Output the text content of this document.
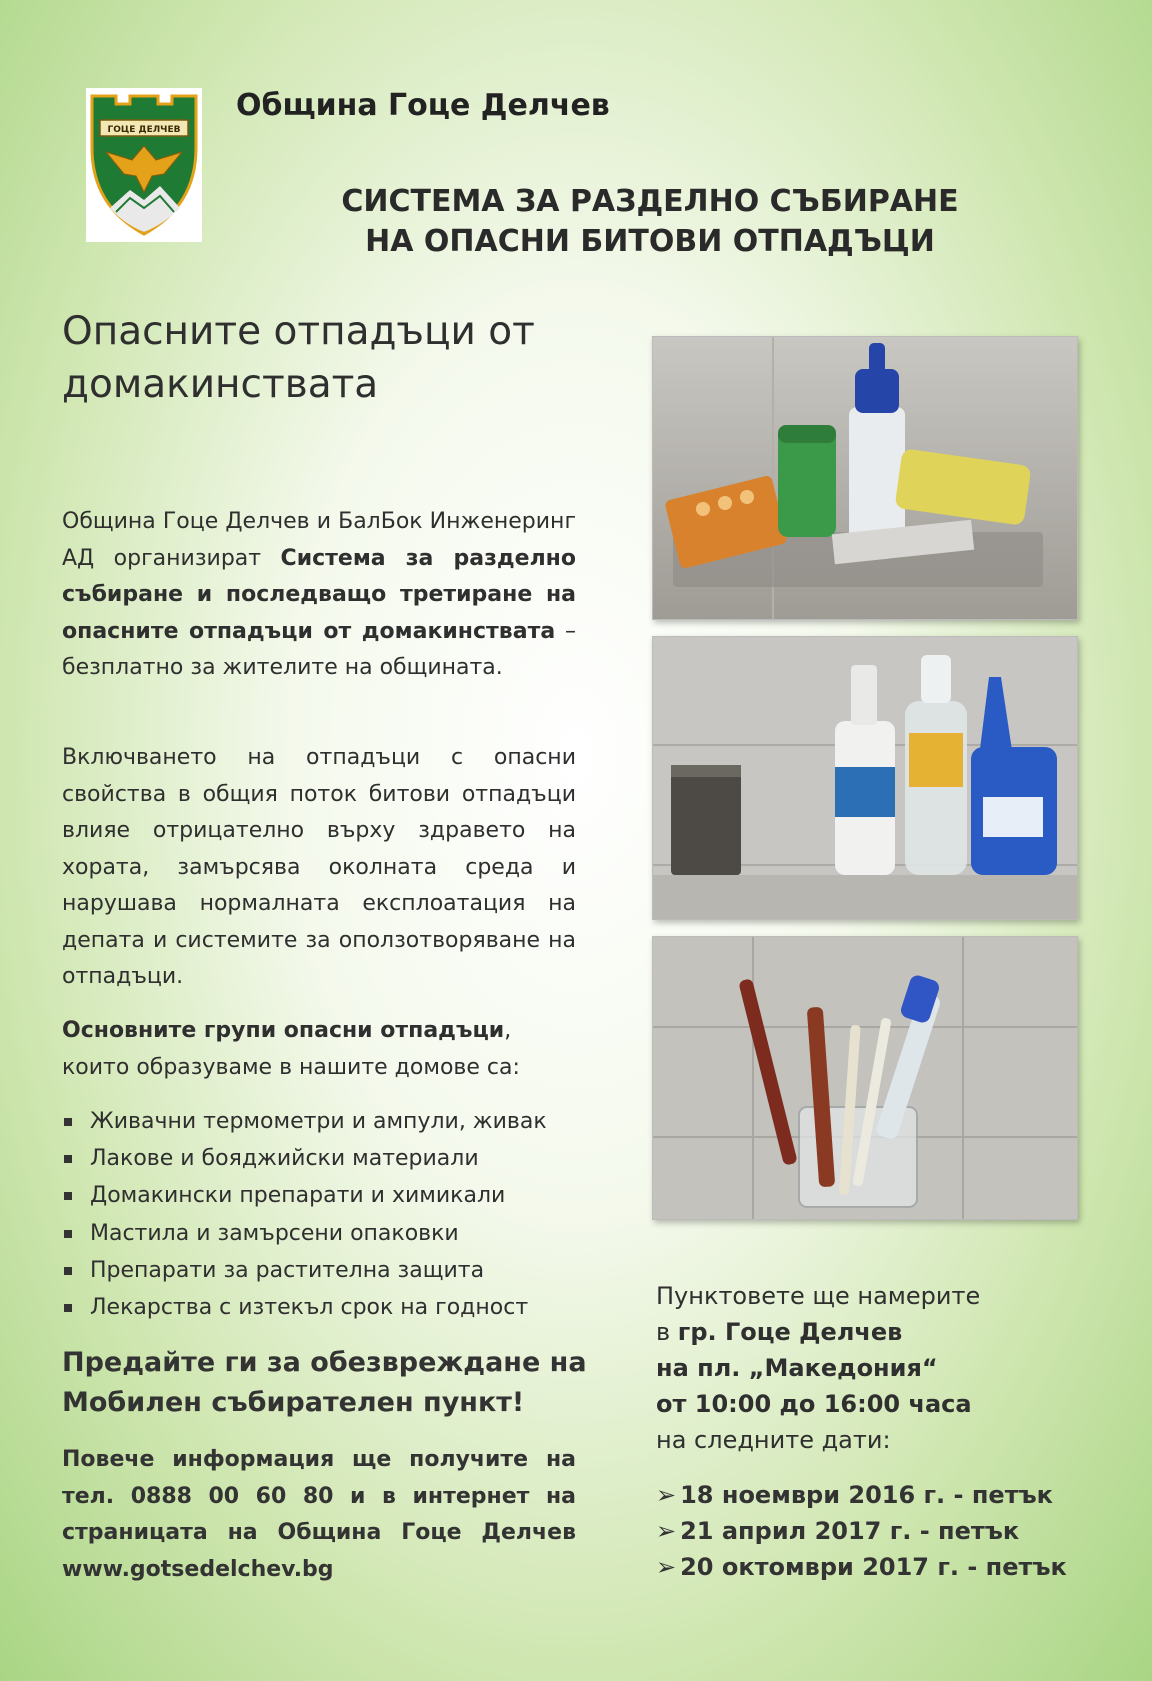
ГОЦЕ ДЕЛЧЕВ
Община Гоце Делчев
СИСТЕМА ЗА РАЗДЕЛНО СЪБИРАНЕ
НА ОПАСНИ БИТОВИ ОТПАДЪЦИ
Опасните отпадъци от домакинствата
Община Гоце Делчев и БалБок Инженеринг АД организират Система за разделно събиране и последващо третиране на опасните отпадъци от домакинствата – безплатно за жителите на общината.
Включването на отпадъци с опасни свойства в общия поток битови отпадъци влияе отрицателно върху здравето на хората, замърсява околната среда и нарушава нормалната експлоатация на депата и системите за оползотворяване на отпадъци.
Основните групи опасни отпадъци, които образуваме в нашите домове са:
Живачни термометри и ампули, живак
Лакове и бояджийски материали
Домакински препарати и химикали
Мастила и замърсени опаковки
Препарати за растителна защита
Лекарства с изтекъл срок на годност
Предайте ги за обезвреждане на
Мобилен събирателен пункт!
Повече информация ще получите на тел. 0888 00 60 80 и в интернет на страницата на Община Гоце Делчев www.gotsedelchev.bg
Пунктовете ще намерите
в гр. Гоце Делчев
на пл. „Македония“
от 10:00 до 16:00 часа
на следните дати:
➢ 18 ноември 2016 г. - петък
➢ 21 април 2017 г. - петък
➢ 20 октомври 2017 г. - петък
